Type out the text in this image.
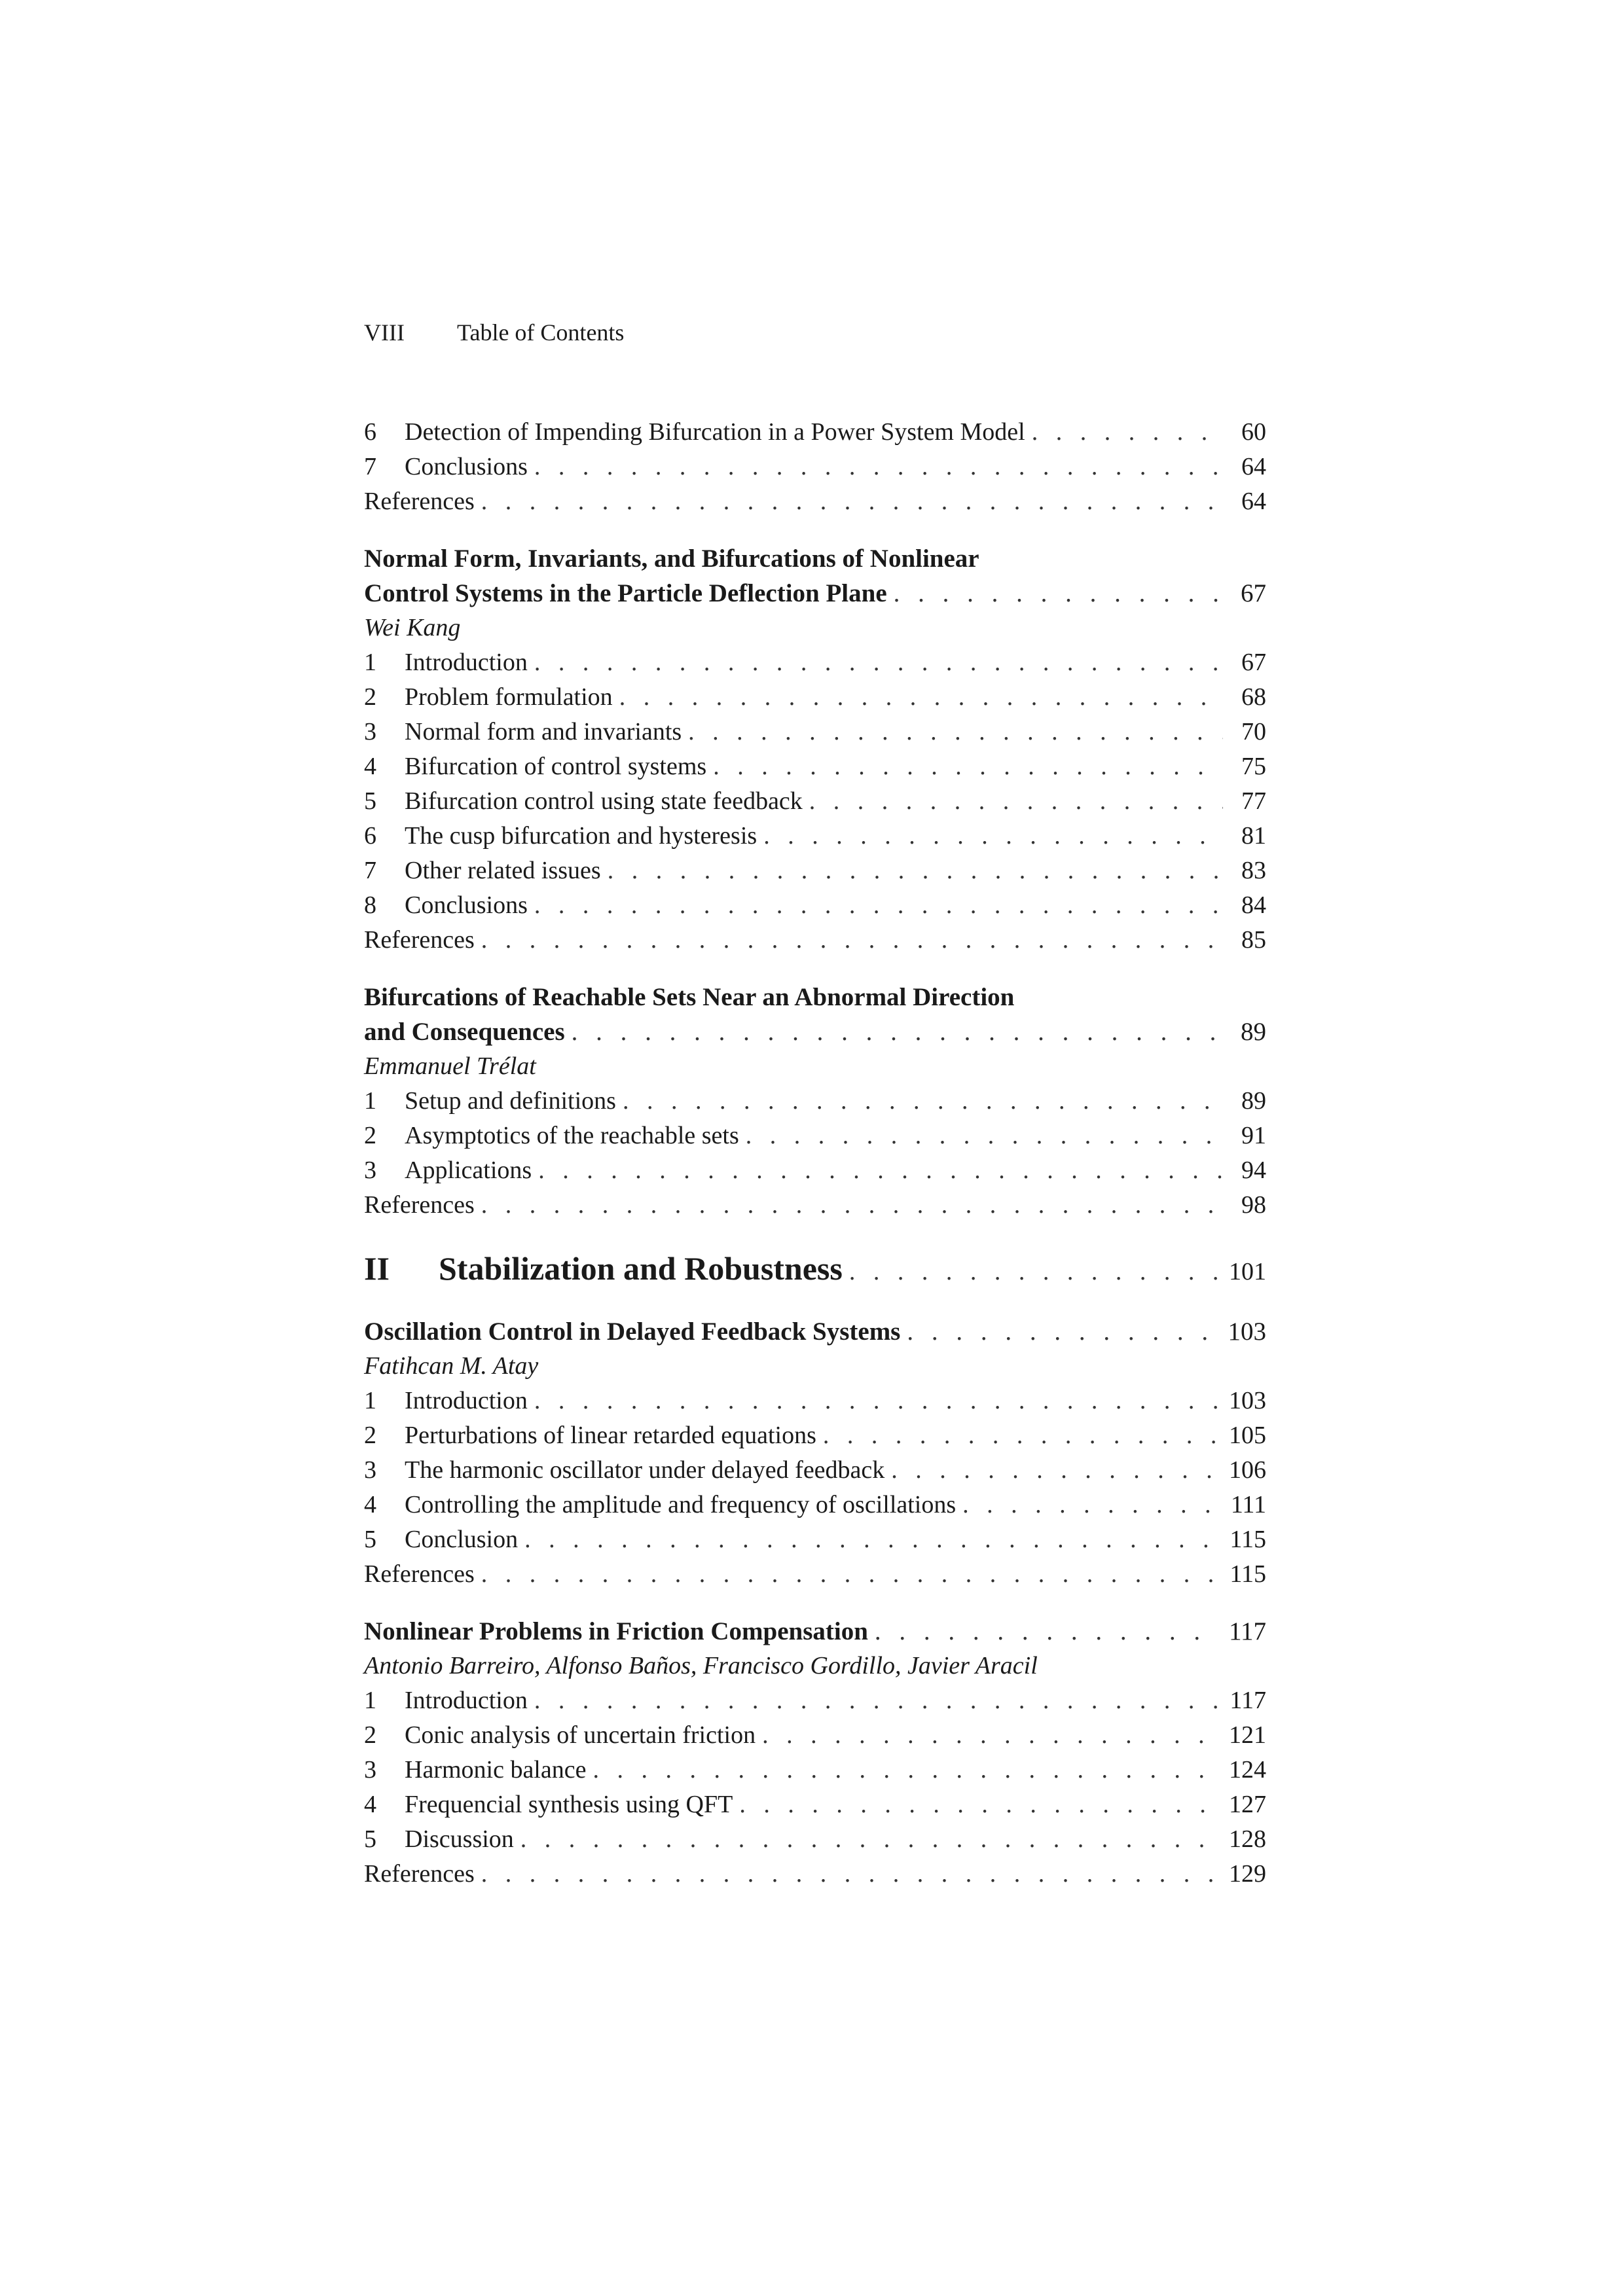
VIII Table of Contents
6	Detection of Impending Bifurcation in a Power System Model . . .	60
7	Conclusions . . .	64
References . . .	64
Normal Form, Invariants, and Bifurcations of Nonlinear
Control Systems in the Particle Deflection Plane . . .	67
Wei Kang
1	Introduction . . .	67
2	Problem formulation . . .	68
3	Normal form and invariants . . .	70
4	Bifurcation of control systems . . .	75
5	Bifurcation control using state feedback . . .	77
6	The cusp bifurcation and hysteresis . . .	81
7	Other related issues . . .	83
8	Conclusions . . .	84
References . . .	85
Bifurcations of Reachable Sets Near an Abnormal Direction
and Consequences . . .	89
Emmanuel Trélat
1	Setup and definitions . . .	89
2	Asymptotics of the reachable sets . . .	91
3	Applications . . .	94
References . . .	98
II	Stabilization and Robustness . . .	101
Oscillation Control in Delayed Feedback Systems . . .	103
Fatihcan M. Atay
1	Introduction . . .	103
2	Perturbations of linear retarded equations . . .	105
3	The harmonic oscillator under delayed feedback . . .	106
4	Controlling the amplitude and frequency of oscillations . . .	111
5	Conclusion . . .	115
References . . .	115
Nonlinear Problems in Friction Compensation . . .	117
Antonio Barreiro, Alfonso Baños, Francisco Gordillo, Javier Aracil
1	Introduction . . .	117
2	Conic analysis of uncertain friction . . .	121
3	Harmonic balance . . .	124
4	Frequencial synthesis using QFT . . .	127
5	Discussion . . .	128
References . . .	129
